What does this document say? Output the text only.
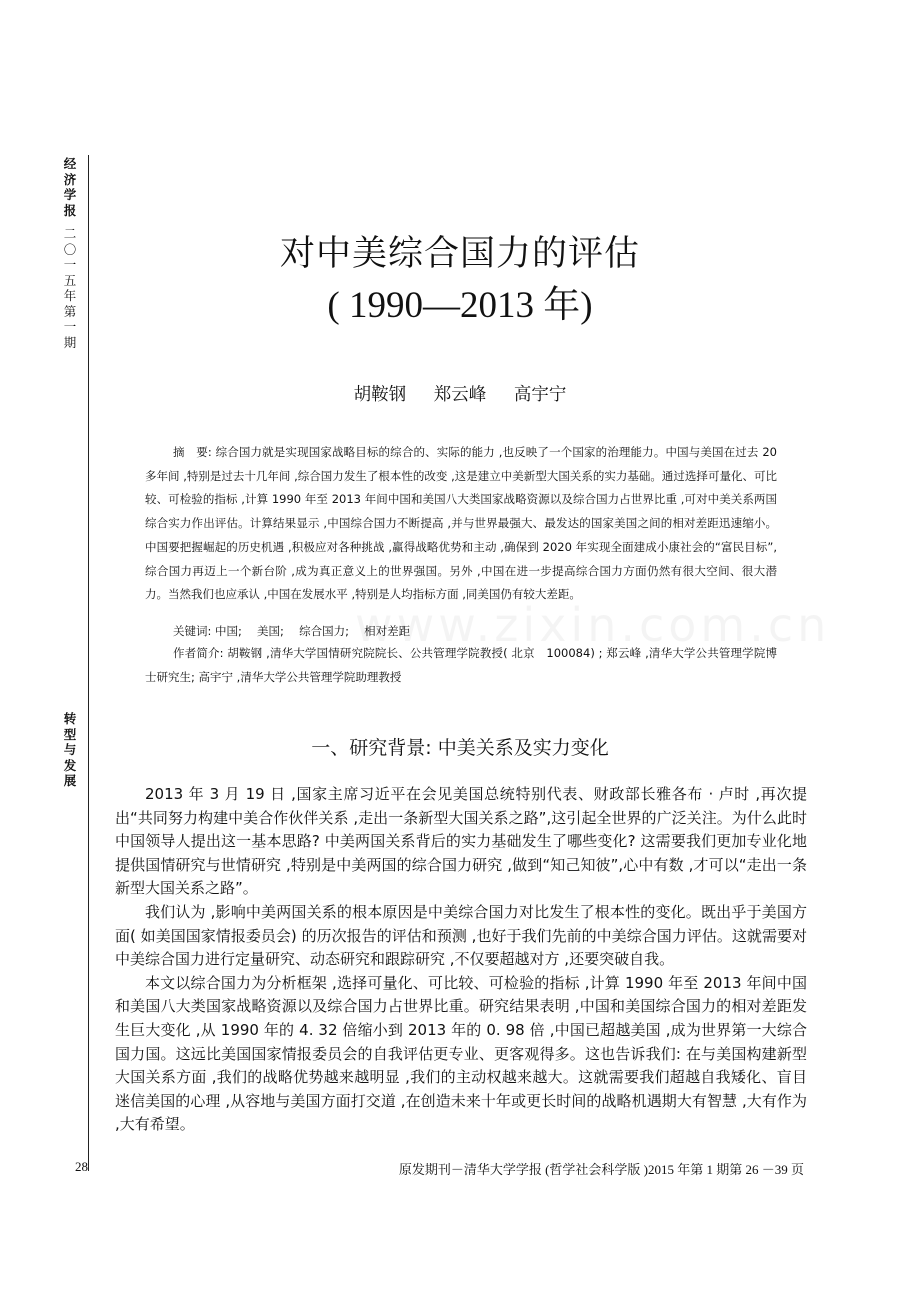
经
济
学
报
二
〇
一
五
年
第
一
期
转
型
与
发
展
对中美综合国力的评估
( 1990—2013 年)
胡鞍钢 郑云峰 高宇宁
摘　要: 综合国力就是实现国家战略目标的综合的、实际的能力 ,也反映了一个国家的治理能力。中国与美国在过去 20 多年间 ,特别是过去十几年间 ,综合国力发生了根本性的改变 ,这是建立中美新型大国关系的实力基础。通过选择可量化、可比较、可检验的指标 ,计算 1990 年至 2013 年间中国和美国八大类国家战略资源以及综合国力占世界比重 ,可对中美关系两国综合实力作出评估。计算结果显示 ,中国综合国力不断提高 ,并与世界最强大、最发达的国家美国之间的相对差距迅速缩小。中国要把握崛起的历史机遇 ,积极应对各种挑战 ,赢得战略优势和主动 ,确保到 2020 年实现全面建成小康社会的“富民目标”,综合国力再迈上一个新台阶 ,成为真正意义上的世界强国。另外 ,中国在进一步提高综合国力方面仍然有很大空间、很大潜力。当然我们也应承认 ,中国在发展水平 ,特别是人均指标方面 ,同美国仍有较大差距。
关键词: 中国;　 美国;　 综合国力;　 相对差距
作者简介: 胡鞍钢 ,清华大学国情研究院院长、公共管理学院教授( 北京　100084) ; 郑云峰 ,清华大学公共管理学院博士研究生; 高宇宁 ,清华大学公共管理学院助理教授
一、研究背景: 中美关系及实力变化

2013 年 3 月 19 日 ,国家主席习近平在会见美国总统特别代表、财政部长雅各布 · 卢时 ,再次提出“共同努力构建中美合作伙伴关系 ,走出一条新型大国关系之路”,这引起全世界的广泛关注。为什么此时中国领导人提出这一基本思路? 中美两国关系背后的实力基础发生了哪些变化? 这需要我们更加专业化地提供国情研究与世情研究 ,特别是中美两国的综合国力研究 ,做到“知己知彼”,心中有数 ,才可以“走出一条新型大国关系之路”。

我们认为 ,影响中美两国关系的根本原因是中美综合国力对比发生了根本性的变化。既出乎于美国方面( 如美国国家情报委员会) 的历次报告的评估和预测 ,也好于我们先前的中美综合国力评估。这就需要对中美综合国力进行定量研究、动态研究和跟踪研究 ,不仅要超越对方 ,还要突破自我。

本文以综合国力为分析框架 ,选择可量化、可比较、可检验的指标 ,计算 1990 年至 2013 年间中国和美国八大类国家战略资源以及综合国力占世界比重。研究结果表明 ,中国和美国综合国力的相对差距发生巨大变化 ,从 1990 年的 4. 32 倍缩小到 2013 年的 0. 98 倍 ,中国已超越美国 ,成为世界第一大综合国力国。这远比美国国家情报委员会的自我评估更专业、更客观得多。这也告诉我们: 在与美国构建新型大国关系方面 ,我们的战略优势越来越明显 ,我们的主动权越来越大。这就需要我们超越自我矮化、盲目迷信美国的心理 ,从容地与美国方面打交道 ,在创造未来十年或更长时间的战略机遇期大有智慧 ,大有作为 ,大有希望。

28	原发期刊－清华大学学报 (哲学社会科学版 )2015 年第 1 期第 26 －39 页
